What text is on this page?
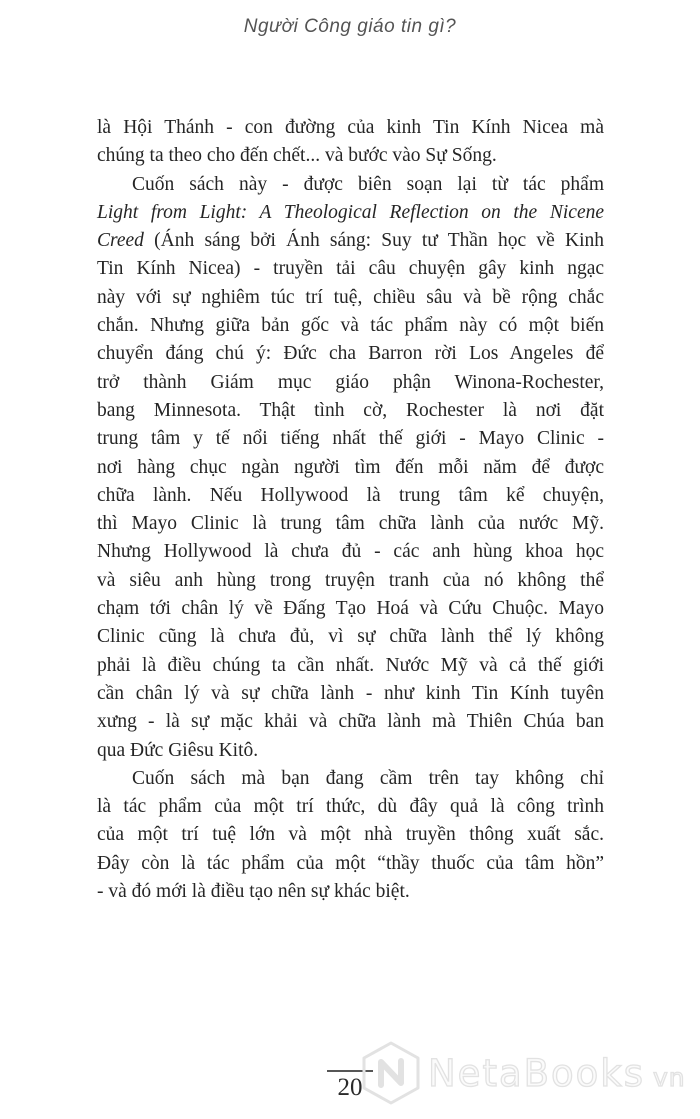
Người Công giáo tin gì?
là Hội Thánh - con đường của kinh Tin Kính Nicea mà
chúng ta theo cho đến chết... và bước vào Sự Sống.
Cuốn sách này - được biên soạn lại từ tác phẩm
Light from Light: A Theological Reflection on the Nicene
Creed (Ánh sáng bởi Ánh sáng: Suy tư Thần học về Kinh
Tin Kính Nicea) - truyền tải câu chuyện gây kinh ngạc
này với sự nghiêm túc trí tuệ, chiều sâu và bề rộng chắc
chắn. Nhưng giữa bản gốc và tác phẩm này có một biến
chuyển đáng chú ý: Đức cha Barron rời Los Angeles để
trở thành Giám mục giáo phận Winona-Rochester,
bang Minnesota. Thật tình cờ, Rochester là nơi đặt
trung tâm y tế nổi tiếng nhất thế giới - Mayo Clinic -
nơi hàng chục ngàn người tìm đến mỗi năm để được
chữa lành. Nếu Hollywood là trung tâm kể chuyện,
thì Mayo Clinic là trung tâm chữa lành của nước Mỹ.
Nhưng Hollywood là chưa đủ - các anh hùng khoa học
và siêu anh hùng trong truyện tranh của nó không thể
chạm tới chân lý về Đấng Tạo Hoá và Cứu Chuộc. Mayo
Clinic cũng là chưa đủ, vì sự chữa lành thể lý không
phải là điều chúng ta cần nhất. Nước Mỹ và cả thế giới
cần chân lý và sự chữa lành - như kinh Tin Kính tuyên
xưng - là sự mặc khải và chữa lành mà Thiên Chúa ban
qua Đức Giêsu Kitô.
Cuốn sách mà bạn đang cầm trên tay không chỉ
là tác phẩm của một trí thức, dù đây quả là công trình
của một trí tuệ lớn và một nhà truyền thông xuất sắc.
Đây còn là tác phẩm của một “thầy thuốc của tâm hồn”
- và đó mới là điều tạo nên sự khác biệt.
20	NetaBooks vn
